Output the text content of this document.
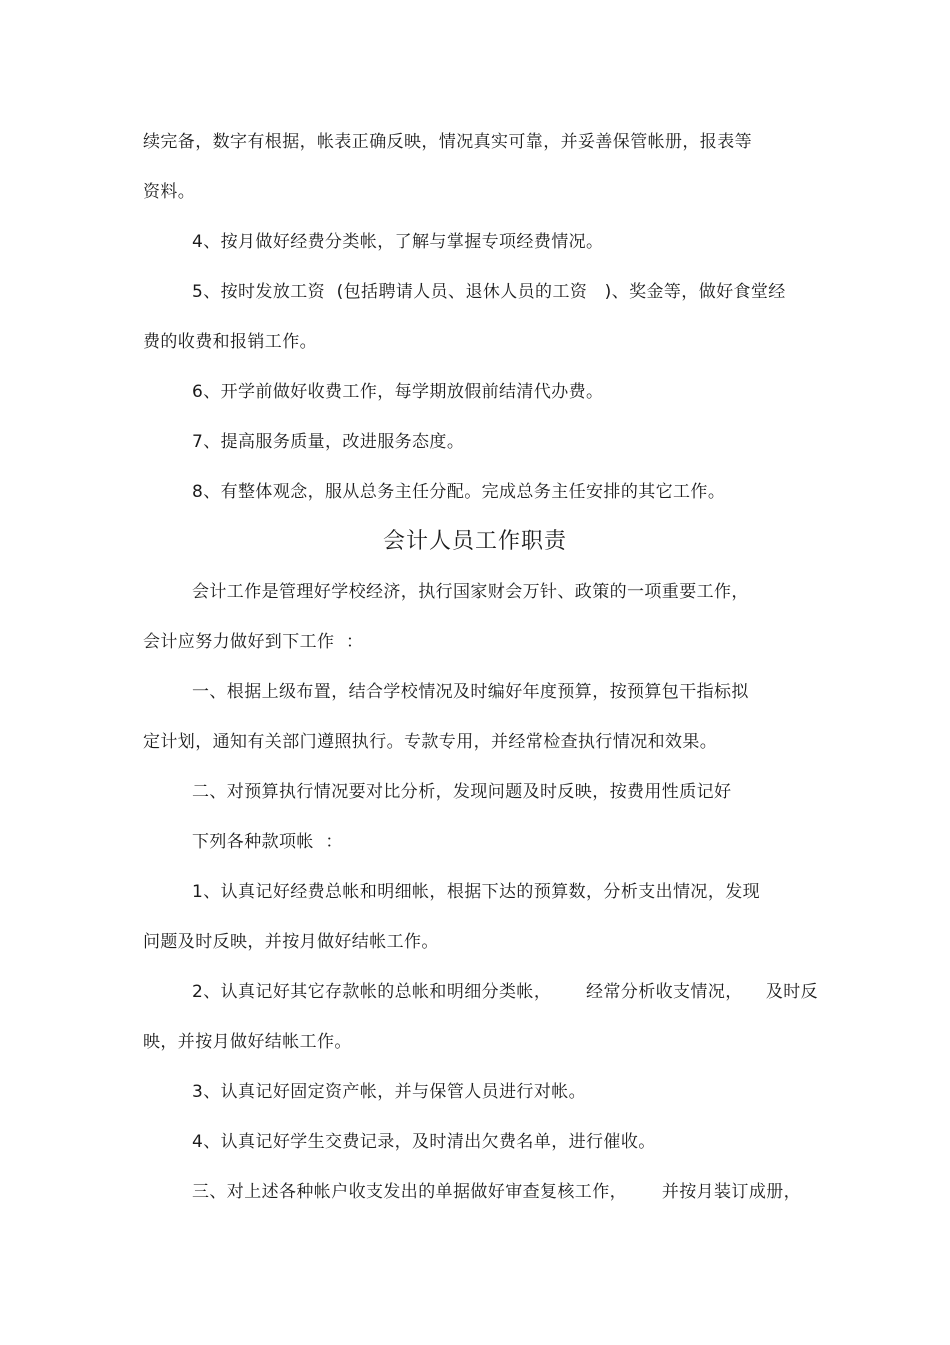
续完备，数字有根据，帐表正确反映，情况真实可靠，并妥善保管帐册，报表等
资料。
4、按月做好经费分类帐，了解与掌握专项经费情况。
5、按时发放工资  (包括聘请人员、退休人员的工资   )、奖金等，做好食堂经
费的收费和报销工作。
6、开学前做好收费工作，每学期放假前结清代办费。
7、提高服务质量，改进服务态度。
8、有整体观念，服从总务主任分配。完成总务主任安排的其它工作。
会计人员工作职责
会计工作是管理好学校经济，执行国家财会万针、政策的一项重要工作，
会计应努力做好到下工作  ：
一、根据上级布置，结合学校情况及时编好年度预算，按预算包干指标拟
定计划，通知有关部门遵照执行。专款专用，并经常检查执行情况和效果。
二、对预算执行情况要对比分析，发现问题及时反映，按费用性质记好
下列各种款项帐  ：
1、认真记好经费总帐和明细帐，根据下达的预算数，分析支出情况，发现
问题及时反映，并按月做好结帐工作。
2、认真记好其它存款帐的总帐和明细分类帐，      经常分析收支情况，    及时反
映，并按月做好结帐工作。
3、认真记好固定资产帐，并与保管人员进行对帐。
4、认真记好学生交费记录，及时清出欠费名单，进行催收。
三、对上述各种帐户收支发出的单据做好审查复核工作，      并按月装订成册，
